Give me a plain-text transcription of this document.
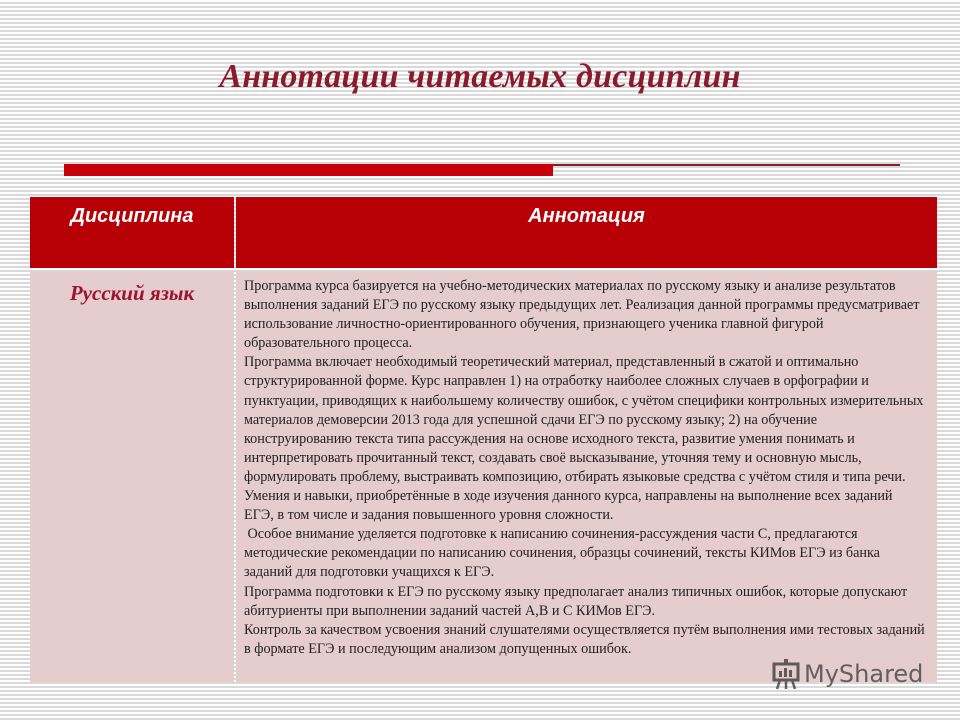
Аннотации читаемых дисциплин
Дисциплина	Аннотация
Русский язык	Программа курса базируется на учебно-методических материалах по русскому языку и анализе результатов выполнения заданий ЕГЭ по русскому языку предыдущих лет. Реализация данной программы предусматривает использование личностно-ориентированного обучения, признающего ученика главной фигурой образовательного процесса.

Программа включает необходимый теоретический материал, представленный в сжатой и оптимально структурированной форме. Курс направлен 1) на отработку наиболее сложных случаев в орфографии и пунктуации, приводящих к наибольшему количеству ошибок, с учётом специфики контрольных измерительных материалов демоверсии 2013 года для успешной сдачи ЕГЭ по русскому языку; 2) на обучение конструированию текста типа рассуждения на основе исходного текста, развитие умения понимать и интерпретировать прочитанный текст, создавать своё высказывание, уточняя тему и основную мысль, формулировать проблему, выстраивать композицию, отбирать языковые средства с учётом стиля и типа речи. Умения и навыки, приобретённые в ходе изучения данного курса, направлены на выполнение всех заданий ЕГЭ, в том числе и задания повышенного уровня сложности.

Особое внимание уделяется подготовке к написанию сочинения-рассуждения части С, предлагаются методические рекомендации по написанию сочинения, образцы сочинений, тексты КИМов ЕГЭ из банка заданий для подготовки учащихся к ЕГЭ.

Программа подготовки к ЕГЭ по русскому языку предполагает анализ типичных ошибок, которые допускают абитуриенты при выполнении заданий частей А,В и С КИМов ЕГЭ.

Контроль за качеством усвоения знаний слушателями осуществляется путём выполнения ими тестовых заданий в формате ЕГЭ и последующим анализом допущенных ошибок.

MyShared
